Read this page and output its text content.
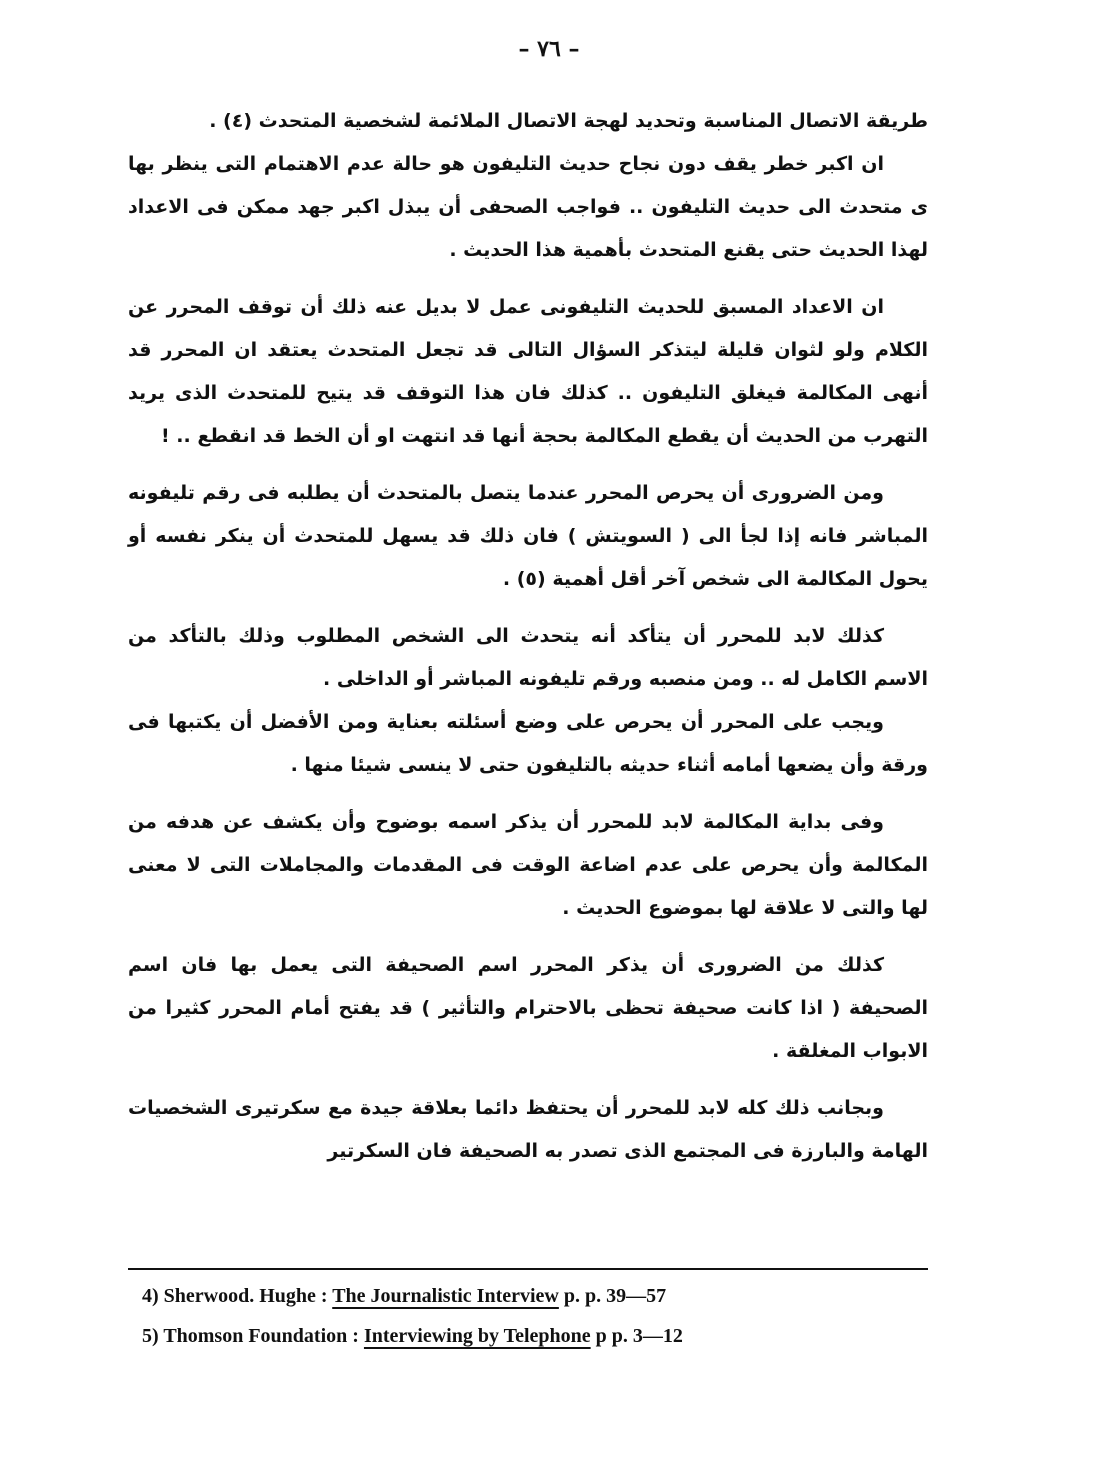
– ٧٦ –

طريقة الاتصال المناسبة وتحديد لهجة الاتصال الملائمة لشخصية المتحدث (٤) .

ان اكبر خطر يقف دون نجاح حديث التليفون هو حالة عدم الاهتمام التى ينظر بها ى متحدث الى حديث التليفون .. فواجب الصحفى أن يبذل اكبر جهد ممكن فى الاعداد لهذا الحديث حتى يقنع المتحدث بأهمية هذا الحديث .

ان الاعداد المسبق للحديث التليفونى عمل لا بديل عنه ذلك أن توقف المحرر عن الكلام ولو لثوان قليلة ليتذكر السؤال التالى قد تجعل المتحدث يعتقد ان المحرر قد أنهى المكالمة فيغلق التليفون .. كذلك فان هذا التوقف قد يتيح للمتحدث الذى يريد التهرب من الحديث أن يقطع المكالمة بحجة أنها قد انتهت او أن الخط قد انقطع .. !

ومن الضرورى أن يحرص المحرر عندما يتصل بالمتحدث أن يطلبه فى رقم تليفونه المباشر فانه إذا لجأ الى ( السويتش ) فان ذلك قد يسهل للمتحدث أن ينكر نفسه أو يحول المكالمة الى شخص آخر أقل أهمية (٥) .

كذلك لابد للمحرر أن يتأكد أنه يتحدث الى الشخص المطلوب وذلك بالتأكد من الاسم الكامل له .. ومن منصبه ورقم تليفونه المباشر أو الداخلى .

ويجب على المحرر أن يحرص على وضع أسئلته بعناية ومن الأفضل أن يكتبها فى ورقة وأن يضعها أمامه أثناء حديثه بالتليفون حتى لا ينسى شيئا منها .

وفى بداية المكالمة لابد للمحرر أن يذكر اسمه بوضوح وأن يكشف عن هدفه من المكالمة وأن يحرص على عدم اضاعة الوقت فى المقدمات والمجاملات التى لا معنى لها والتى لا علاقة لها بموضوع الحديث .

كذلك من الضرورى أن يذكر المحرر اسم الصحيفة التى يعمل بها فان اسم الصحيفة ( اذا كانت صحيفة تحظى بالاحترام والتأثير ) قد يفتح أمام المحرر كثيرا من الابواب المغلقة .

وبجانب ذلك كله لابد للمحرر أن يحتفظ دائما بعلاقة جيدة مع سكرتيرى الشخصيات الهامة والبارزة فى المجتمع الذى تصدر به الصحيفة فان السكرتير

4) Sherwood. Hughe : The Journalistic Interview p. p. 39—57

5) Thomson Foundation : Interviewing by Telephone p p. 3—12
